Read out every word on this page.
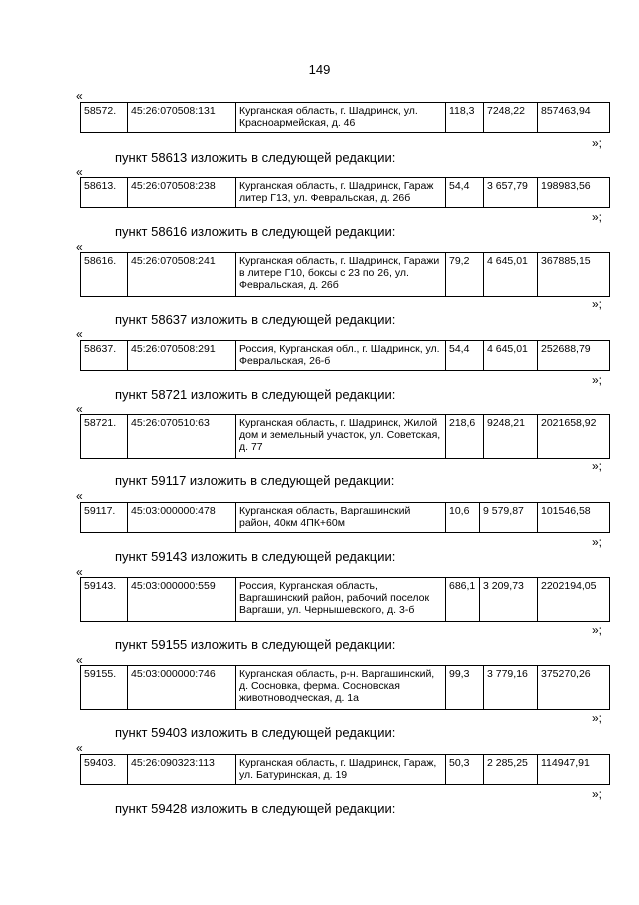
149
«
58572.	45:26:070508:131	Курганская область, г. Шадринск, ул. Красноармейская, д. 46	118,3	7248,22	857463,94
»;
пункт 58613 изложить в следующей редакции:
«
58613.	45:26:070508:238	Курганская область, г. Шадринск, Гараж литер Г13, ул. Февральская, д. 26б	54,4	3 657,79	198983,56
»;
пункт 58616 изложить в следующей редакции:
«
58616.	45:26:070508:241	Курганская область, г. Шадринск, Гаражи в литере Г10, боксы с 23 по 26, ул. Февральская, д. 26б	79,2	4 645,01	367885,15
»;
пункт 58637 изложить в следующей редакции:
«
58637.	45:26:070508:291	Россия, Курганская обл., г. Шадринск, ул. Февральская, 26-б	54,4	4 645,01	252688,79
»;
пункт 58721 изложить в следующей редакции:
«
58721.	45:26:070510:63	Курганская область, г. Шадринск, Жилой дом и земельный участок, ул. Советская, д. 77	218,6	9248,21	2021658,92
»;
пункт 59117 изложить в следующей редакции:
«
59117.	45:03:000000:478	Курганская область, Варгашинский район, 40км 4ПК+60м	10,6	9 579,87	101546,58
»;
пункт 59143 изложить в следующей редакции:
«
59143.	45:03:000000:559	Россия, Курганская область, Варгашинский район, рабочий поселок Варгаши, ул. Чернышевского, д. 3-б	686,1	3 209,73	2202194,05
»;
пункт 59155 изложить в следующей редакции:
«
59155.	45:03:000000:746	Курганская область, р-н. Варгашинский, д. Сосновка, ферма. Сосновская животноводческая, д. 1а	99,3	3 779,16	375270,26
»;
пункт 59403 изложить в следующей редакции:
«
59403.	45:26:090323:113	Курганская область, г. Шадринск, Гараж, ул. Батуринская, д. 19	50,3	2 285,25	114947,91
»;
пункт 59428 изложить в следующей редакции:
